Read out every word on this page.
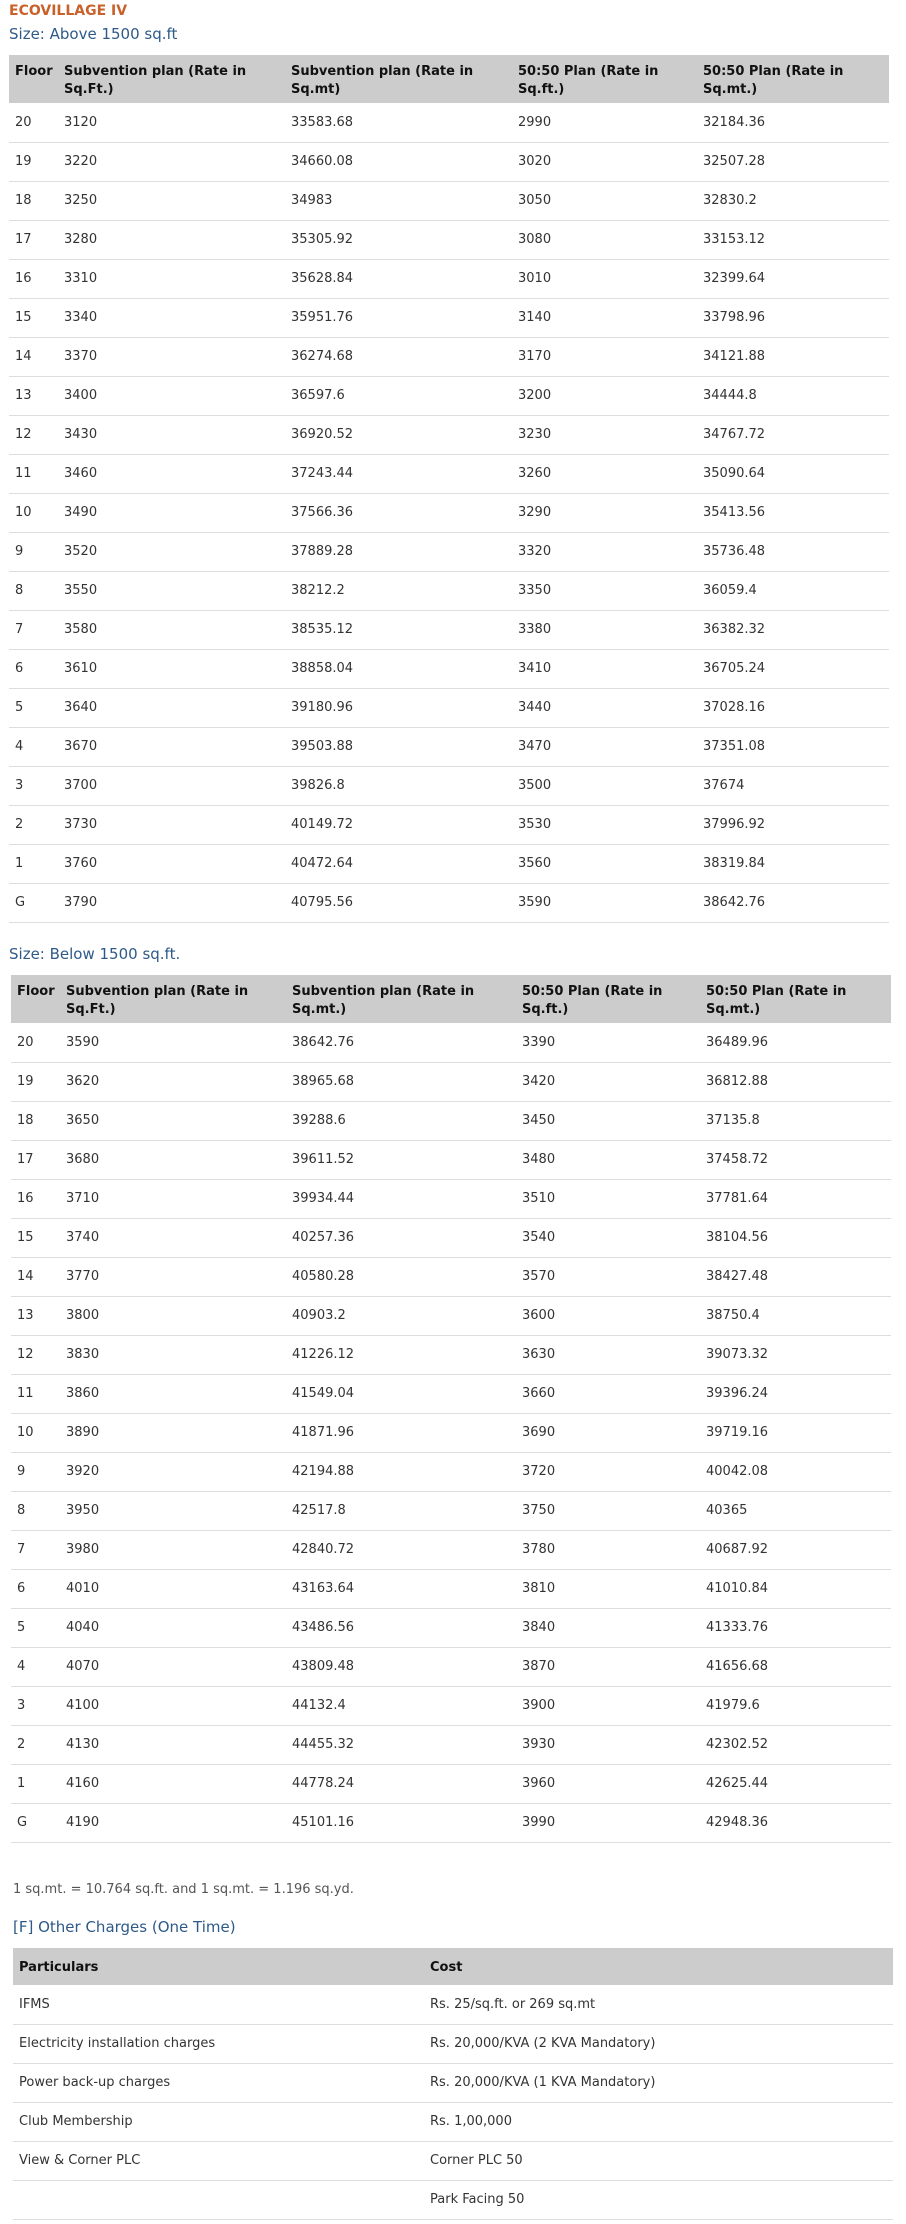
ECOVILLAGE IV
Size: Above 1500 sq.ft
Floor	Subvention plan (Rate in Sq.Ft.)	Subvention plan (Rate in Sq.mt)	50:50 Plan (Rate in Sq.ft.)	50:50 Plan (Rate in Sq.mt.)
20	3120	33583.68	2990	32184.36
19	3220	34660.08	3020	32507.28
18	3250	34983	3050	32830.2
17	3280	35305.92	3080	33153.12
16	3310	35628.84	3010	32399.64
15	3340	35951.76	3140	33798.96
14	3370	36274.68	3170	34121.88
13	3400	36597.6	3200	34444.8
12	3430	36920.52	3230	34767.72
11	3460	37243.44	3260	35090.64
10	3490	37566.36	3290	35413.56
9	3520	37889.28	3320	35736.48
8	3550	38212.2	3350	36059.4
7	3580	38535.12	3380	36382.32
6	3610	38858.04	3410	36705.24
5	3640	39180.96	3440	37028.16
4	3670	39503.88	3470	37351.08
3	3700	39826.8	3500	37674
2	3730	40149.72	3530	37996.92
1	3760	40472.64	3560	38319.84
G	3790	40795.56	3590	38642.76
Size: Below 1500 sq.ft.
Floor	Subvention plan (Rate in Sq.Ft.)	Subvention plan (Rate in Sq.mt.)	50:50 Plan (Rate in Sq.ft.)	50:50 Plan (Rate in Sq.mt.)
20	3590	38642.76	3390	36489.96
19	3620	38965.68	3420	36812.88
18	3650	39288.6	3450	37135.8
17	3680	39611.52	3480	37458.72
16	3710	39934.44	3510	37781.64
15	3740	40257.36	3540	38104.56
14	3770	40580.28	3570	38427.48
13	3800	40903.2	3600	38750.4
12	3830	41226.12	3630	39073.32
11	3860	41549.04	3660	39396.24
10	3890	41871.96	3690	39719.16
9	3920	42194.88	3720	40042.08
8	3950	42517.8	3750	40365
7	3980	42840.72	3780	40687.92
6	4010	43163.64	3810	41010.84
5	4040	43486.56	3840	41333.76
4	4070	43809.48	3870	41656.68
3	4100	44132.4	3900	41979.6
2	4130	44455.32	3930	42302.52
1	4160	44778.24	3960	42625.44
G	4190	45101.16	3990	42948.36
1 sq.mt. = 10.764 sq.ft. and 1 sq.mt. = 1.196 sq.yd.
[F] Other Charges (One Time)
Particulars	Cost
IFMS	Rs. 25/sq.ft. or 269 sq.mt
Electricity installation charges	Rs. 20,000/KVA (2 KVA Mandatory)
Power back-up charges	Rs. 20,000/KVA (1 KVA Mandatory)
Club Membership	Rs. 1,00,000
View & Corner PLC	Corner PLC 50
	Park Facing 50
